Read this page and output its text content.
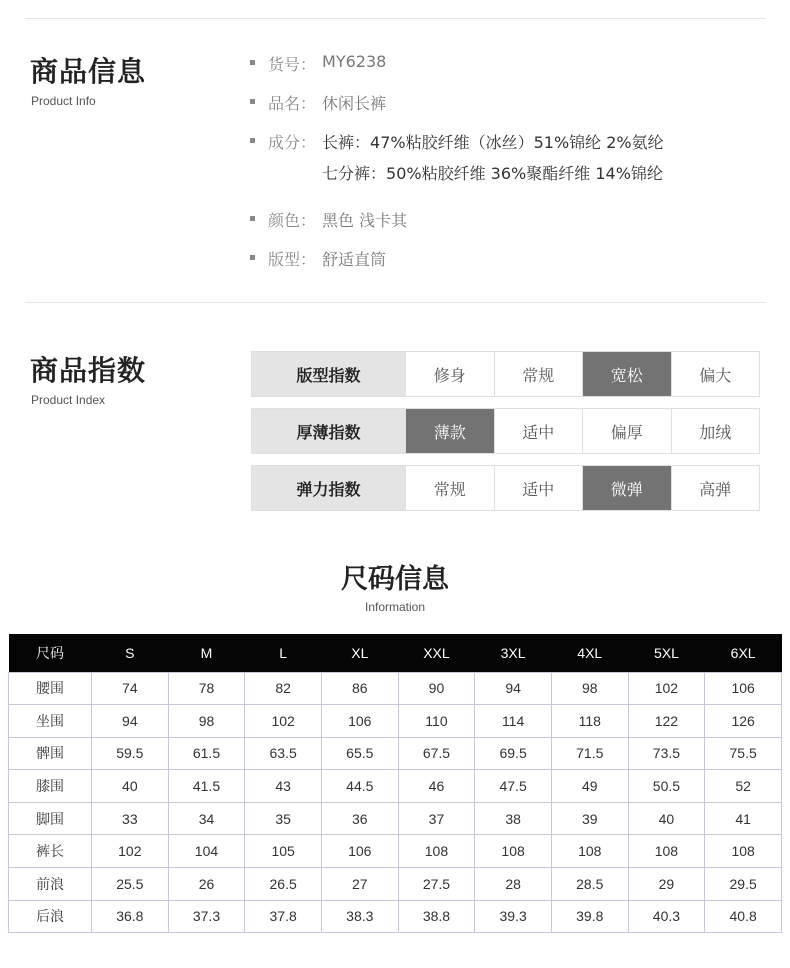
商品信息
Product Info
货号 ： MY6238
品名 ： 休闲长裤
成分 ： 长裤：47%粘胶纤维（冰丝）51%锦纶 2%氨纶
七分裤：50%粘胶纤维 36%聚酯纤维 14%锦纶
颜色 ： 黑色 浅卡其
版型 ： 舒适直筒
商品指数
Product Index
版型指数	修身	常规	宽松	偏大
厚薄指数	薄款	适中	偏厚	加绒
弹力指数	常规	适中	微弹	高弹
尺码信息
Information
尺码	S	M	L	XL	XXL	3XL	4XL	5XL	6XL
腰围	74	78	82	86	90	94	98	102	106
坐围	94	98	102	106	110	114	118	122	126
髀围	59.5	61.5	63.5	65.5	67.5	69.5	71.5	73.5	75.5
膝围	40	41.5	43	44.5	46	47.5	49	50.5	52
脚围	33	34	35	36	37	38	39	40	41
裤长	102	104	105	106	108	108	108	108	108
前浪	25.5	26	26.5	27	27.5	28	28.5	29	29.5
后浪	36.8	37.3	37.8	38.3	38.8	39.3	39.8	40.3	40.8
